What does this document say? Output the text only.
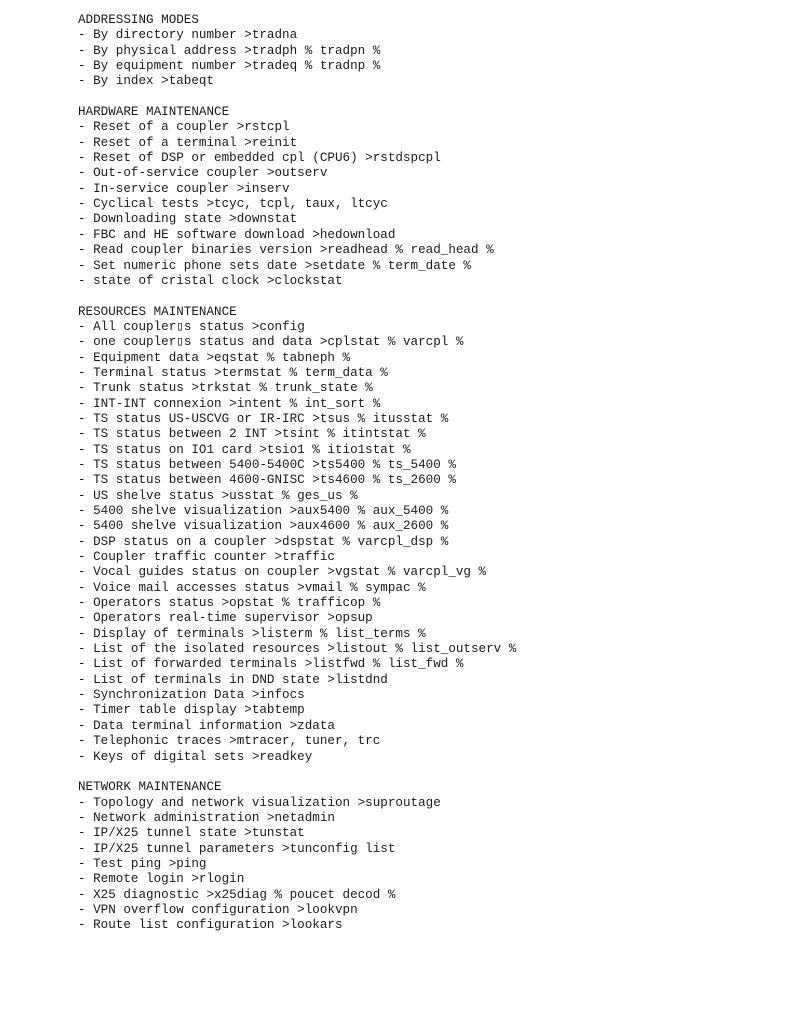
ADDRESSING MODES
- By directory number >tradna
- By physical address >tradph % tradpn %
- By equipment number >tradeq % tradnp %
- By index >tabeqt
HARDWARE MAINTENANCE
- Reset of a coupler >rstcpl
- Reset of a terminal >reinit
- Reset of DSP or embedded cpl (CPU6) >rstdspcpl
- Out-of-service coupler >outserv
- In-service coupler >inserv
- Cyclical tests >tcyc, tcpl, taux, ltcyc
- Downloading state >downstat
- FBC and HE software download >hedownload
- Read coupler binaries version >readhead % read_head %
- Set numeric phone sets date >setdate % term_date %
- state of cristal clock >clockstat
RESOURCES MAINTENANCE
- All coupler▯s status >config
- one coupler▯s status and data >cplstat % varcpl %
- Equipment data >eqstat % tabneph %
- Terminal status >termstat % term_data %
- Trunk status >trkstat % trunk_state %
- INT-INT connexion >intent % int_sort %
- TS status US-USCVG or IR-IRC >tsus % itusstat %
- TS status between 2 INT >tsint % itintstat %
- TS status on IO1 card >tsio1 % itio1stat %
- TS status between 5400-5400C >ts5400 % ts_5400 %
- TS status between 4600-GNISC >ts4600 % ts_2600 %
- US shelve status >usstat % ges_us %
- 5400 shelve visualization >aux5400 % aux_5400 %
- 5400 shelve visualization >aux4600 % aux_2600 %
- DSP status on a coupler >dspstat % varcpl_dsp %
- Coupler traffic counter >traffic
- Vocal guides status on coupler >vgstat % varcpl_vg %
- Voice mail accesses status >vmail % sympac %
- Operators status >opstat % trafficop %
- Operators real-time supervisor >opsup
- Display of terminals >listerm % list_terms %
- List of the isolated resources >listout % list_outserv %
- List of forwarded terminals >listfwd % list_fwd %
- List of terminals in DND state >listdnd
- Synchronization Data >infocs
- Timer table display >tabtemp
- Data terminal information >zdata
- Telephonic traces >mtracer, tuner, trc
- Keys of digital sets >readkey
NETWORK MAINTENANCE
- Topology and network visualization >suproutage
- Network administration >netadmin
- IP/X25 tunnel state >tunstat
- IP/X25 tunnel parameters >tunconfig list
- Test ping >ping
- Remote login >rlogin
- X25 diagnostic >x25diag % poucet decod %
- VPN overflow configuration >lookvpn
- Route list configuration >lookars
